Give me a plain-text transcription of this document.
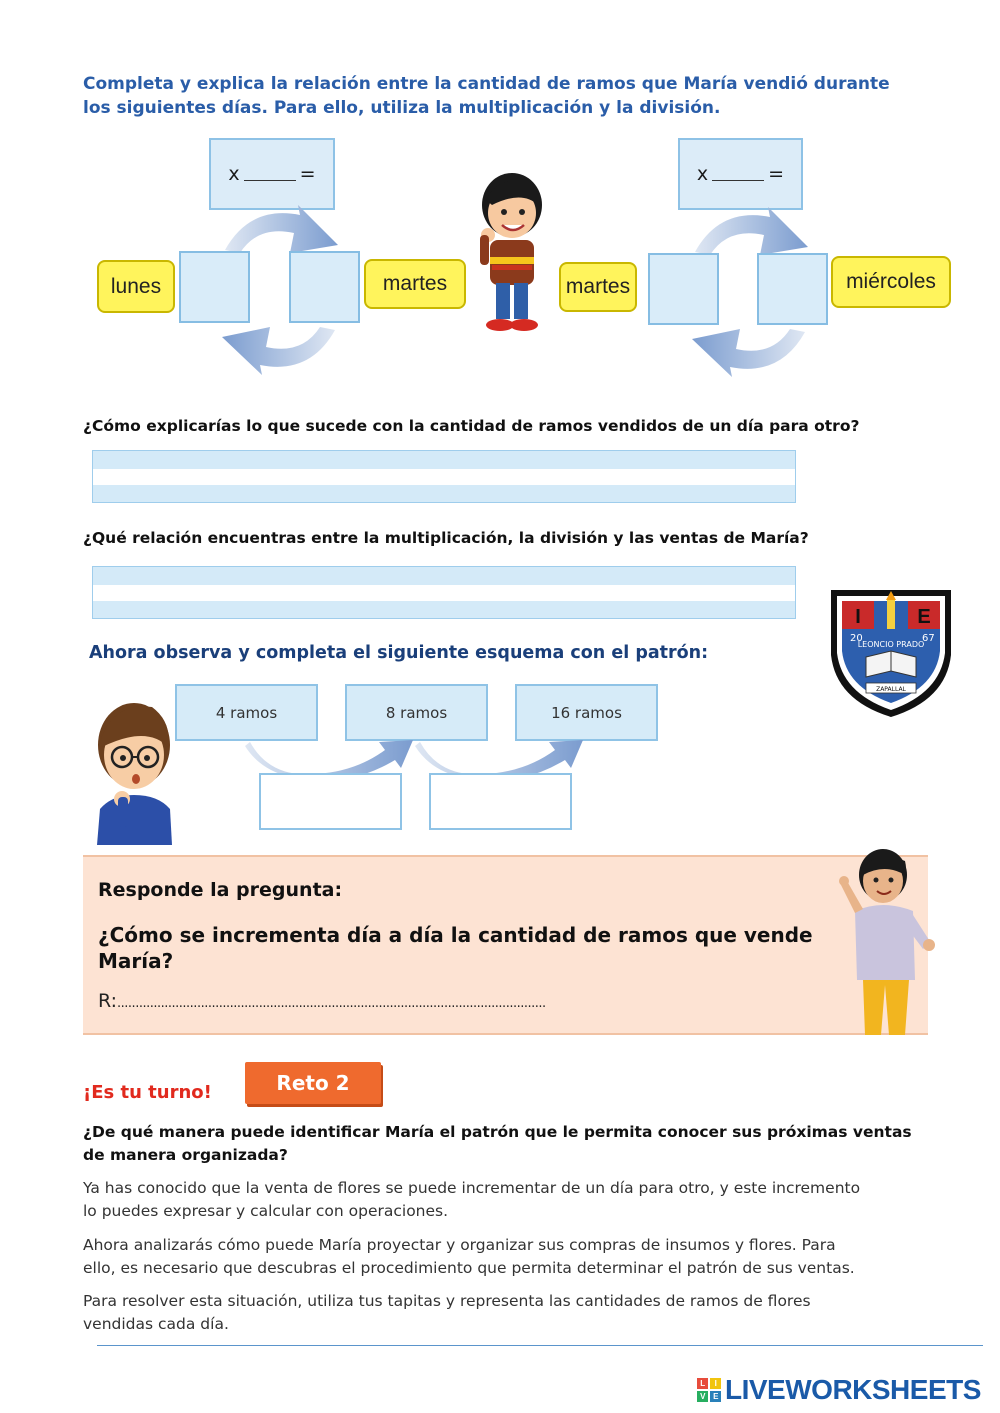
Completa y explica la relación entre la cantidad de ramos que María vendió durante
los siguientes días. Para ello, utiliza la multiplicación y la división.
x	=
lunes	martes
x	=
martes	miércoles
¿Cómo explicarías lo que sucede con la cantidad de ramos vendidos de un día para otro?
¿Qué relación encuentras entre la multiplicación, la división y las ventas de María?
I	E
20	67
LEONCIO PRADO
ZAPALLAL
Ahora observa y completa el siguiente esquema con el patrón:
4 ramos	8 ramos	16 ramos
Responde la pregunta:
¿Cómo se incrementa día a día la cantidad de ramos que vende
María?
R:......................................................................................................................
¡Es tu turno!	Reto 2
¿De qué manera puede identificar María el patrón que le permita conocer sus próximas ventas
de manera organizada?
Ya has conocido que la venta de flores se puede incrementar de un día para otro, y este incremento
lo puedes expresar y calcular con operaciones.
Ahora analizarás cómo puede María proyectar y organizar sus compras de insumos y flores. Para
ello, es necesario que descubras el procedimiento que permita determinar el patrón de sus ventas.
Para resolver esta situación, utiliza tus tapitas y representa las cantidades de ramos de flores
vendidas cada día.
L	I
V	E LIVEWORKSHEETS
